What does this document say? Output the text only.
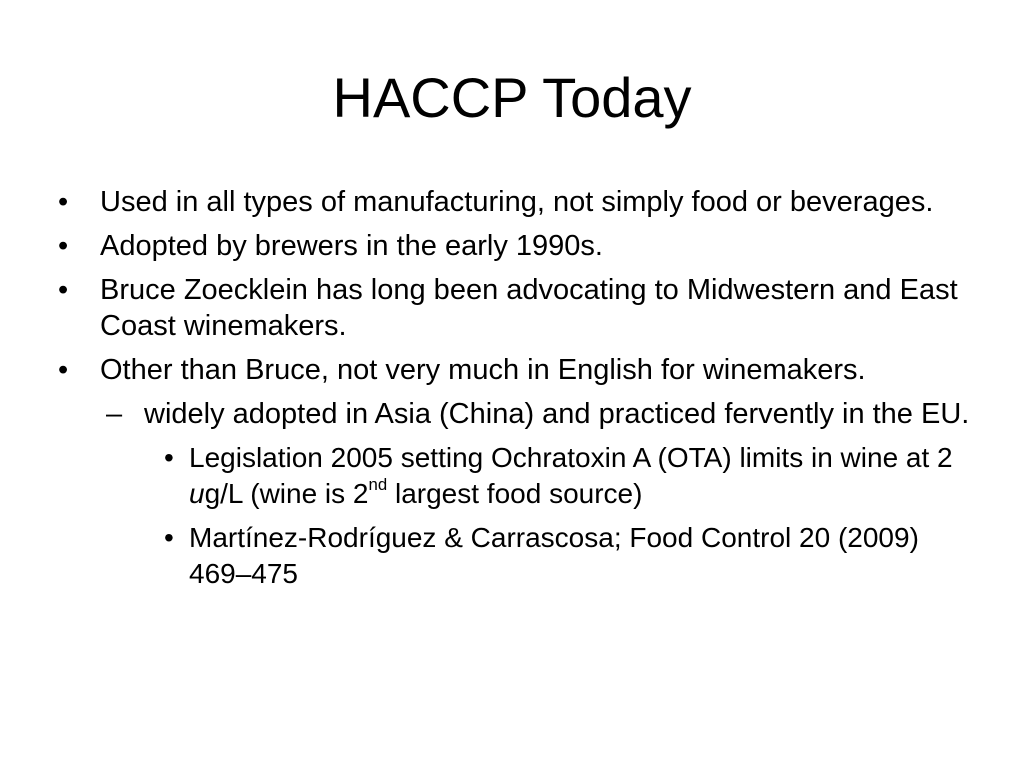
HACCP Today
• Used in all types of manufacturing, not simply food or beverages.
• Adopted by brewers in the early 1990s.
• Bruce Zoecklein has long been advocating to Midwestern and East Coast winemakers.
• Other than Bruce, not very much in English for winemakers.
– widely adopted in Asia (China) and practiced fervently in the EU.
• Legislation 2005 setting Ochratoxin A (OTA) limits in wine at 2 ug/L (wine is 2nd largest food source)
• Martínez-Rodríguez & Carrascosa; Food Control 20 (2009) 469–475
